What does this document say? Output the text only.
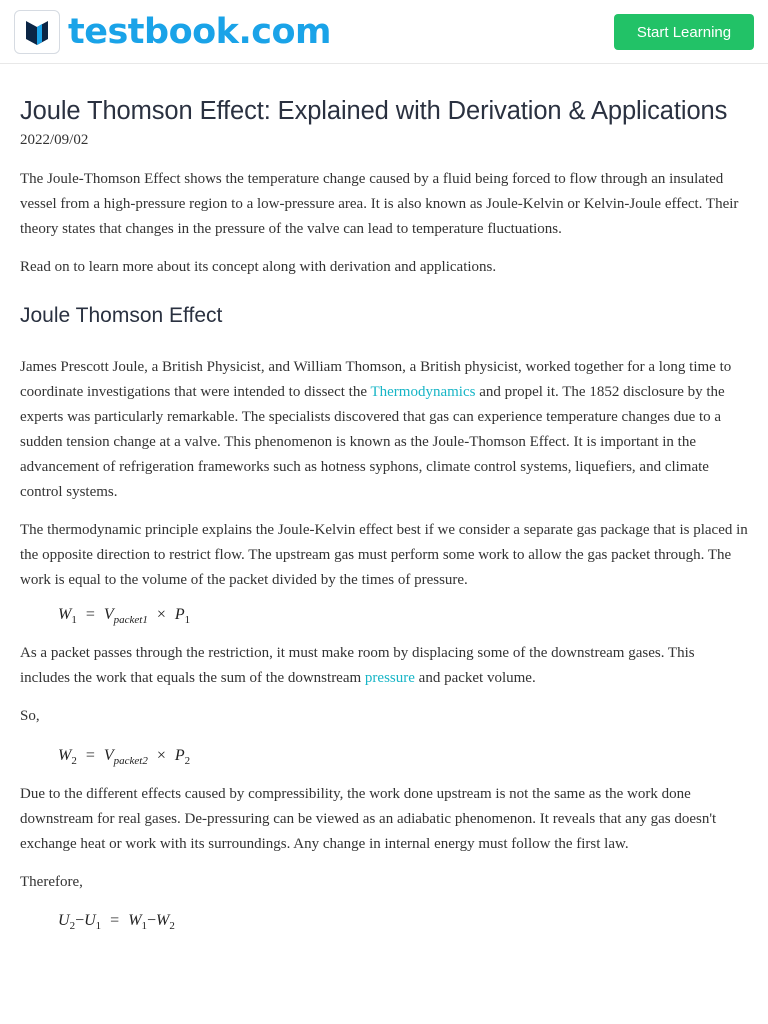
testbook.com	Start Learning
Joule Thomson Effect: Explained with Derivation & Applications
2022/09/02

The Joule-Thomson Effect shows the temperature change caused by a fluid being forced to flow through an insulated vessel from a high-pressure region to a low-pressure area. It is also known as Joule-Kelvin or Kelvin-Joule effect. Their theory states that changes in the pressure of the valve can lead to temperature fluctuations.

Read on to learn more about its concept along with derivation and applications.

Joule Thomson Effect

James Prescott Joule, a British Physicist, and William Thomson, a British physicist, worked together for a long time to coordinate investigations that were intended to dissect the Thermodynamics and propel it. The 1852 disclosure by the experts was particularly remarkable. The specialists discovered that gas can experience temperature changes due to a sudden tension change at a valve. This phenomenon is known as the Joule-Thomson Effect. It is important in the advancement of refrigeration frameworks such as hotness syphons, climate control systems, liquefiers, and climate control systems.

The thermodynamic principle explains the Joule-Kelvin effect best if we consider a separate gas package that is placed in the opposite direction to restrict flow. The upstream gas must perform some work to allow the gas packet through. The work is equal to the volume of the packet divided by the times of pressure.

$W_1 = V_{packet1} \times P_1$

As a packet passes through the restriction, it must make room by displacing some of the downstream gases. This includes the work that equals the sum of the downstream pressure and packet volume.

So,

$W_2 = V_{packet2} \times P_2$

Due to the different effects caused by compressibility, the work done upstream is not the same as the work done downstream for real gases. De-pressuring can be viewed as an adiabatic phenomenon. It reveals that any gas doesn't exchange heat or work with its surroundings. Any change in internal energy must follow the first law.

Therefore,

$U_2-U_1 = W_1-W_2$
